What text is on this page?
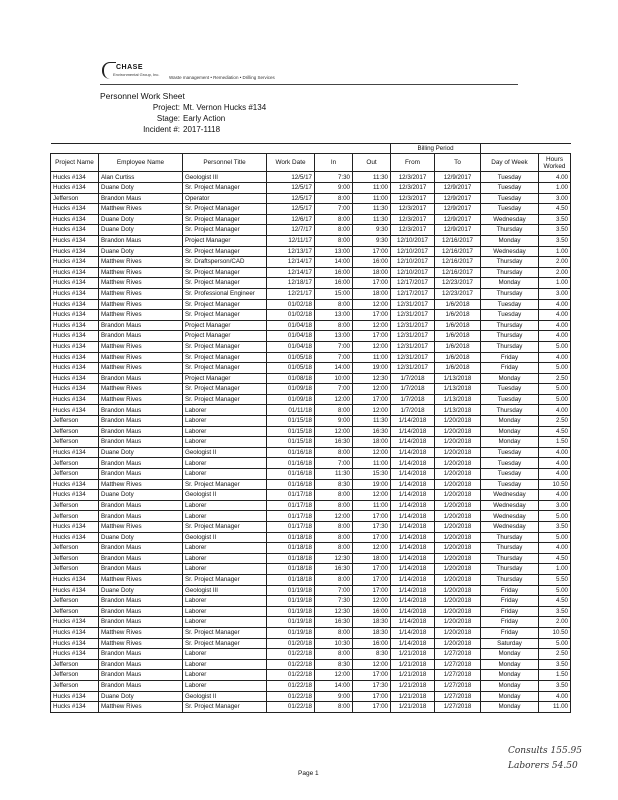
CHASE
Environmental Group, Inc.
Waste management • Remediation • Drilling Services
Personnel Work Sheet
Project: Mt. Vernon Hucks #134
Stage: Early Action
Incident #: 2017-1118
						Billing Period			
Project Name	Employee Name	Personnel Title	Work Date	In	Out	From	To	Day of Week	Hours Worked
Hucks #134	Alan Curtiss	Geologist III	12/5/17	7:30	11:30	12/3/2017	12/9/2017	Tuesday	4.00
Hucks #134	Duane Doty	Sr. Project Manager	12/5/17	9:00	11:00	12/3/2017	12/9/2017	Tuesday	1.00
Jefferson	Brandon Maus	Operator	12/5/17	8:00	11:00	12/3/2017	12/9/2017	Tuesday	3.00
Hucks #134	Matthew Rives	Sr. Project Manager	12/5/17	7:00	11:30	12/3/2017	12/9/2017	Tuesday	4.50
Hucks #134	Duane Doty	Sr. Project Manager	12/6/17	8:00	11:30	12/3/2017	12/9/2017	Wednesday	3.50
Hucks #134	Duane Doty	Sr. Project Manager	12/7/17	8:00	9:30	12/3/2017	12/9/2017	Thursday	3.50
Hucks #134	Brandon Maus	Project Manager	12/11/17	8:00	9:30	12/10/2017	12/16/2017	Monday	3.50
Hucks #134	Duane Doty	Sr. Project Manager	12/13/17	13:00	17:00	12/10/2017	12/16/2017	Wednesday	1.00
Hucks #134	Matthew Rives	Sr. Draftsperson/CAD	12/14/17	14:00	16:00	12/10/2017	12/16/2017	Thursday	2.00
Hucks #134	Matthew Rives	Sr. Project Manager	12/14/17	16:00	18:00	12/10/2017	12/16/2017	Thursday	2.00
Hucks #134	Matthew Rives	Sr. Project Manager	12/18/17	16:00	17:00	12/17/2017	12/23/2017	Monday	1.00
Hucks #134	Matthew Rives	Sr. Professional Engineer	12/21/17	15:00	18:00	12/17/2017	12/23/2017	Thursday	3.00
Hucks #134	Matthew Rives	Sr. Project Manager	01/02/18	8:00	12:00	12/31/2017	1/6/2018	Tuesday	4.00
Hucks #134	Matthew Rives	Sr. Project Manager	01/02/18	13:00	17:00	12/31/2017	1/6/2018	Tuesday	4.00
Hucks #134	Brandon Maus	Project Manager	01/04/18	8:00	12:00	12/31/2017	1/6/2018	Thursday	4.00
Hucks #134	Brandon Maus	Project Manager	01/04/18	13:00	17:00	12/31/2017	1/6/2018	Thursday	4.00
Hucks #134	Matthew Rives	Sr. Project Manager	01/04/18	7:00	12:00	12/31/2017	1/6/2018	Thursday	5.00
Hucks #134	Matthew Rives	Sr. Project Manager	01/05/18	7:00	11:00	12/31/2017	1/6/2018	Friday	4.00
Hucks #134	Matthew Rives	Sr. Project Manager	01/05/18	14:00	19:00	12/31/2017	1/6/2018	Friday	5.00
Hucks #134	Brandon Maus	Project Manager	01/08/18	10:00	12:30	1/7/2018	1/13/2018	Monday	2.50
Hucks #134	Matthew Rives	Sr. Project Manager	01/09/18	7:00	12:00	1/7/2018	1/13/2018	Tuesday	5.00
Hucks #134	Matthew Rives	Sr. Project Manager	01/09/18	12:00	17:00	1/7/2018	1/13/2018	Tuesday	5.00
Hucks #134	Brandon Maus	Laborer	01/11/18	8:00	12:00	1/7/2018	1/13/2018	Thursday	4.00
Jefferson	Brandon Maus	Laborer	01/15/18	9:00	11:30	1/14/2018	1/20/2018	Monday	2.50
Jefferson	Brandon Maus	Laborer	01/15/18	12:00	16:30	1/14/2018	1/20/2018	Monday	4.50
Jefferson	Brandon Maus	Laborer	01/15/18	16:30	18:00	1/14/2018	1/20/2018	Monday	1.50
Hucks #134	Duane Doty	Geologist II	01/16/18	8:00	12:00	1/14/2018	1/20/2018	Tuesday	4.00
Jefferson	Brandon Maus	Laborer	01/16/18	7:00	11:00	1/14/2018	1/20/2018	Tuesday	4.00
Jefferson	Brandon Maus	Laborer	01/16/18	11:30	15:30	1/14/2018	1/20/2018	Tuesday	4.00
Hucks #134	Matthew Rives	Sr. Project Manager	01/16/18	8:30	19:00	1/14/2018	1/20/2018	Tuesday	10.50
Hucks #134	Duane Doty	Geologist II	01/17/18	8:00	12:00	1/14/2018	1/20/2018	Wednesday	4.00
Jefferson	Brandon Maus	Laborer	01/17/18	8:00	11:00	1/14/2018	1/20/2018	Wednesday	3.00
Jefferson	Brandon Maus	Laborer	01/17/18	12:00	17:00	1/14/2018	1/20/2018	Wednesday	5.00
Hucks #134	Matthew Rives	Sr. Project Manager	01/17/18	8:00	17:30	1/14/2018	1/20/2018	Wednesday	3.50
Hucks #134	Duane Doty	Geologist II	01/18/18	8:00	17:00	1/14/2018	1/20/2018	Thursday	5.00
Jefferson	Brandon Maus	Laborer	01/18/18	8:00	12:00	1/14/2018	1/20/2018	Thursday	4.00
Jefferson	Brandon Maus	Laborer	01/18/18	12:30	18:00	1/14/2018	1/20/2018	Thursday	4.50
Jefferson	Brandon Maus	Laborer	01/18/18	16:30	17:00	1/14/2018	1/20/2018	Thursday	1.00
Hucks #134	Matthew Rives	Sr. Project Manager	01/18/18	8:00	17:00	1/14/2018	1/20/2018	Thursday	5.50
Hucks #134	Duane Doty	Geologist III	01/19/18	7:00	17:00	1/14/2018	1/20/2018	Friday	5.00
Jefferson	Brandon Maus	Laborer	01/19/18	7:30	12:00	1/14/2018	1/20/2018	Friday	4.50
Jefferson	Brandon Maus	Laborer	01/19/18	12:30	16:00	1/14/2018	1/20/2018	Friday	3.50
Hucks #134	Brandon Maus	Laborer	01/19/18	16:30	18:30	1/14/2018	1/20/2018	Friday	2.00
Hucks #134	Matthew Rives	Sr. Project Manager	01/19/18	8:00	18:30	1/14/2018	1/20/2018	Friday	10.50
Hucks #134	Matthew Rives	Sr. Project Manager	01/20/18	10:30	16:00	1/14/2018	1/20/2018	Saturday	5.00
Hucks #134	Brandon Maus	Laborer	01/22/18	8:00	8:30	1/21/2018	1/27/2018	Monday	2.50
Jefferson	Brandon Maus	Laborer	01/22/18	8:30	12:00	1/21/2018	1/27/2018	Monday	3.50
Jefferson	Brandon Maus	Laborer	01/22/18	12:00	17:00	1/21/2018	1/27/2018	Monday	1.50
Jefferson	Brandon Maus	Laborer	01/22/18	14:00	17:30	1/21/2018	1/27/2018	Monday	3.50
Hucks #134	Duane Doty	Geologist II	01/22/18	9:00	17:00	1/21/2018	1/27/2018	Monday	4.00
Hucks #134	Matthew Rives	Sr. Project Manager	01/22/18	8:00	17:00	1/21/2018	1/27/2018	Monday	11.00
Consults 155.95
Laborers 54.50
Page 1
